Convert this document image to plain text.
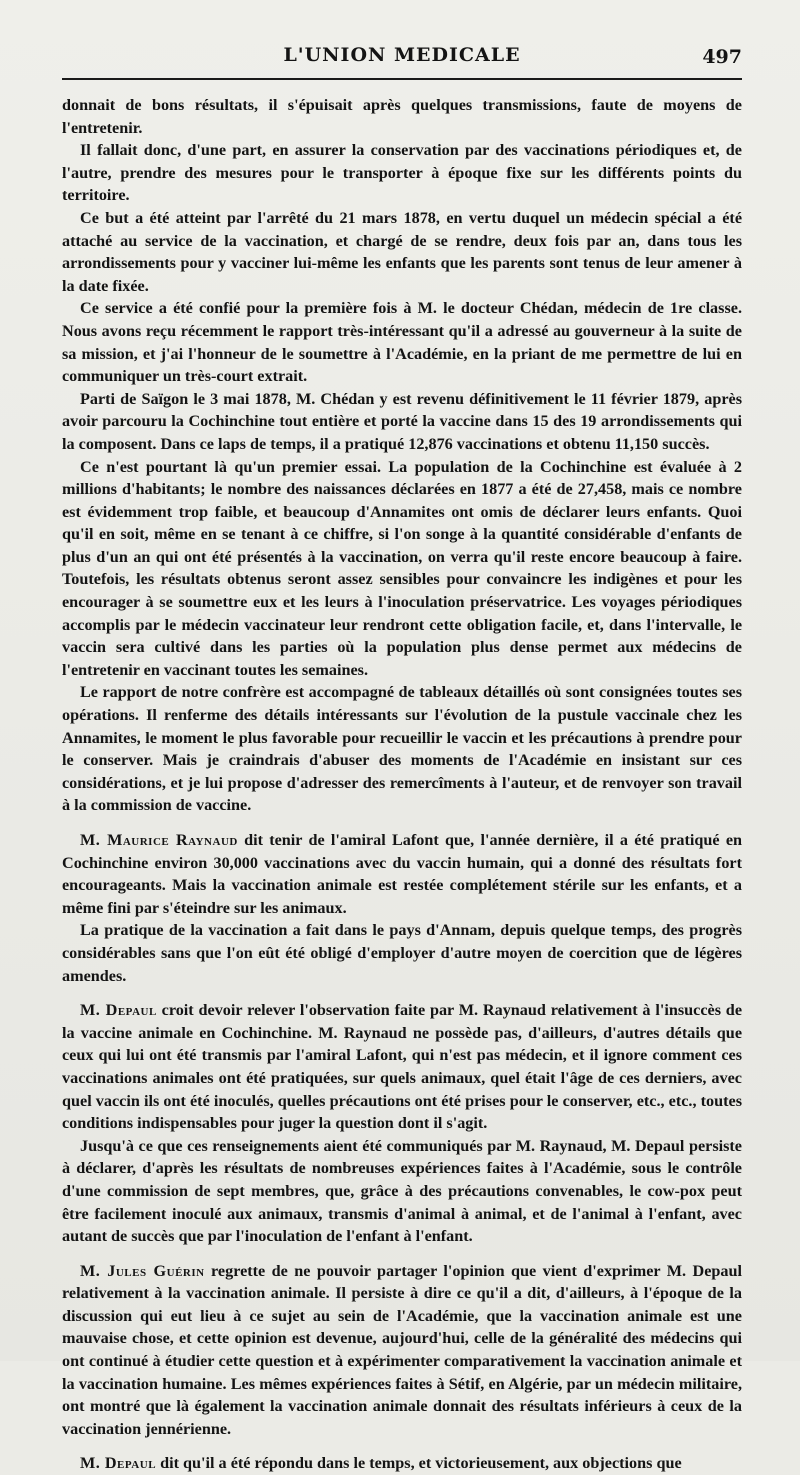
L'UNION MEDICALE	497

donnait de bons résultats, il s'épuisait après quelques transmissions, faute de moyens de l'entretenir.

Il fallait donc, d'une part, en assurer la conservation par des vaccinations périodiques et, de l'autre, prendre des mesures pour le transporter à époque fixe sur les différents points du territoire.

Ce but a été atteint par l'arrêté du 21 mars 1878, en vertu duquel un médecin spécial a été attaché au service de la vaccination, et chargé de se rendre, deux fois par an, dans tous les arrondissements pour y vacciner lui-même les enfants que les parents sont tenus de leur amener à la date fixée.

Ce service a été confié pour la première fois à M. le docteur Chédan, médecin de 1re classe. Nous avons reçu récemment le rapport très-intéressant qu'il a adressé au gouverneur à la suite de sa mission, et j'ai l'honneur de le soumettre à l'Académie, en la priant de me permettre de lui en communiquer un très-court extrait.

Parti de Saïgon le 3 mai 1878, M. Chédan y est revenu définitivement le 11 février 1879, après avoir parcouru la Cochinchine tout entière et porté la vaccine dans 15 des 19 arrondissements qui la composent. Dans ce laps de temps, il a pratiqué 12,876 vaccinations et obtenu 11,150 succès.

Ce n'est pourtant là qu'un premier essai. La population de la Cochinchine est évaluée à 2 millions d'habitants; le nombre des naissances déclarées en 1877 a été de 27,458, mais ce nombre est évidemment trop faible, et beaucoup d'Annamites ont omis de déclarer leurs enfants. Quoi qu'il en soit, même en se tenant à ce chiffre, si l'on songe à la quantité considérable d'enfants de plus d'un an qui ont été présentés à la vaccination, on verra qu'il reste encore beaucoup à faire. Toutefois, les résultats obtenus seront assez sensibles pour convaincre les indigènes et pour les encourager à se soumettre eux et les leurs à l'inoculation préservatrice. Les voyages périodiques accomplis par le médecin vaccinateur leur rendront cette obligation facile, et, dans l'intervalle, le vaccin sera cultivé dans les parties où la population plus dense permet aux médecins de l'entretenir en vaccinant toutes les semaines.

Le rapport de notre confrère est accompagné de tableaux détaillés où sont consignées toutes ses opérations. Il renferme des détails intéressants sur l'évolution de la pustule vaccinale chez les Annamites, le moment le plus favorable pour recueillir le vaccin et les précautions à prendre pour le conserver. Mais je craindrais d'abuser des moments de l'Académie en insistant sur ces considérations, et je lui propose d'adresser des remercîments à l'auteur, et de renvoyer son travail à la commission de vaccine.

M. Maurice Raynaud dit tenir de l'amiral Lafont que, l'année dernière, il a été pratiqué en Cochinchine environ 30,000 vaccinations avec du vaccin humain, qui a donné des résultats fort encourageants. Mais la vaccination animale est restée complétement stérile sur les enfants, et a même fini par s'éteindre sur les animaux.

La pratique de la vaccination a fait dans le pays d'Annam, depuis quelque temps, des progrès considérables sans que l'on eût été obligé d'employer d'autre moyen de coercition que de légères amendes.

M. Depaul croit devoir relever l'observation faite par M. Raynaud relativement à l'insuccès de la vaccine animale en Cochinchine. M. Raynaud ne possède pas, d'ailleurs, d'autres détails que ceux qui lui ont été transmis par l'amiral Lafont, qui n'est pas médecin, et il ignore comment ces vaccinations animales ont été pratiquées, sur quels animaux, quel était l'âge de ces derniers, avec quel vaccin ils ont été inoculés, quelles précautions ont été prises pour le conserver, etc., etc., toutes conditions indispensables pour juger la question dont il s'agit.

Jusqu'à ce que ces renseignements aient été communiqués par M. Raynaud, M. Depaul persiste à déclarer, d'après les résultats de nombreuses expériences faites à l'Académie, sous le contrôle d'une commission de sept membres, que, grâce à des précautions convenables, le cow-pox peut être facilement inoculé aux animaux, transmis d'animal à animal, et de l'animal à l'enfant, avec autant de succès que par l'inoculation de l'enfant à l'enfant.

M. Jules Guérin regrette de ne pouvoir partager l'opinion que vient d'exprimer M. Depaul relativement à la vaccination animale. Il persiste à dire ce qu'il a dit, d'ailleurs, à l'époque de la discussion qui eut lieu à ce sujet au sein de l'Académie, que la vaccination animale est une mauvaise chose, et cette opinion est devenue, aujourd'hui, celle de la généralité des médecins qui ont continué à étudier cette question et à expérimenter comparativement la vaccination animale et la vaccination humaine. Les mêmes expériences faites à Sétif, en Algérie, par un médecin militaire, ont montré que là également la vaccination animale donnait des résultats inférieurs à ceux de la vaccination jennérienne.

M. Depaul dit qu'il a été répondu dans le temps, et victorieusement, aux objections que
